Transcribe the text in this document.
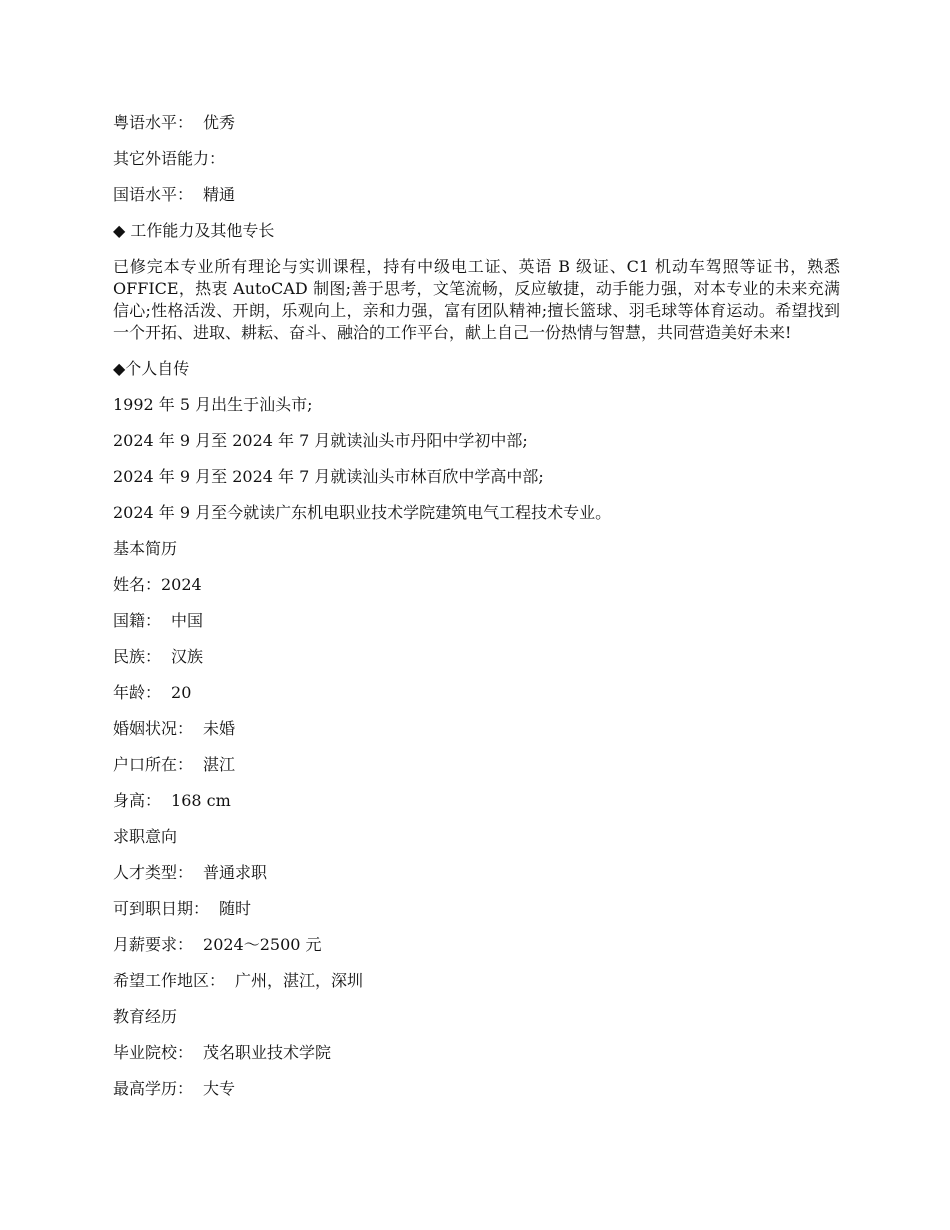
粤语水平： 优秀
其它外语能力：
国语水平： 精通
◆ 工作能力及其他专长
已修完本专业所有理论与实训课程，持有中级电工证、英语 B 级证、C1 机动车驾照等证书，熟悉 OFFICE，热衷 AutoCAD 制图;善于思考，文笔流畅，反应敏捷，动手能力强，对本专业的未来充满信心;性格活泼、开朗，乐观向上，亲和力强，富有团队精神;擅长篮球、羽毛球等体育运动。希望找到一个开拓、进取、耕耘、奋斗、融洽的工作平台，献上自己一份热情与智慧，共同营造美好未来!
◆个人自传
1992 年 5 月出生于汕头市;
2024 年 9 月至 2024 年 7 月就读汕头市丹阳中学初中部;
2024 年 9 月至 2024 年 7 月就读汕头市林百欣中学高中部;
2024 年 9 月至今就读广东机电职业技术学院建筑电气工程技术专业。
基本简历
姓名：2024
国籍： 中国
民族： 汉族
年龄： 20
婚姻状况： 未婚
户口所在： 湛江
身高： 168 cm
求职意向
人才类型： 普通求职
可到职日期： 随时
月薪要求： 2024～2500 元
希望工作地区： 广州，湛江，深圳
教育经历
毕业院校： 茂名职业技术学院
最高学历： 大专
